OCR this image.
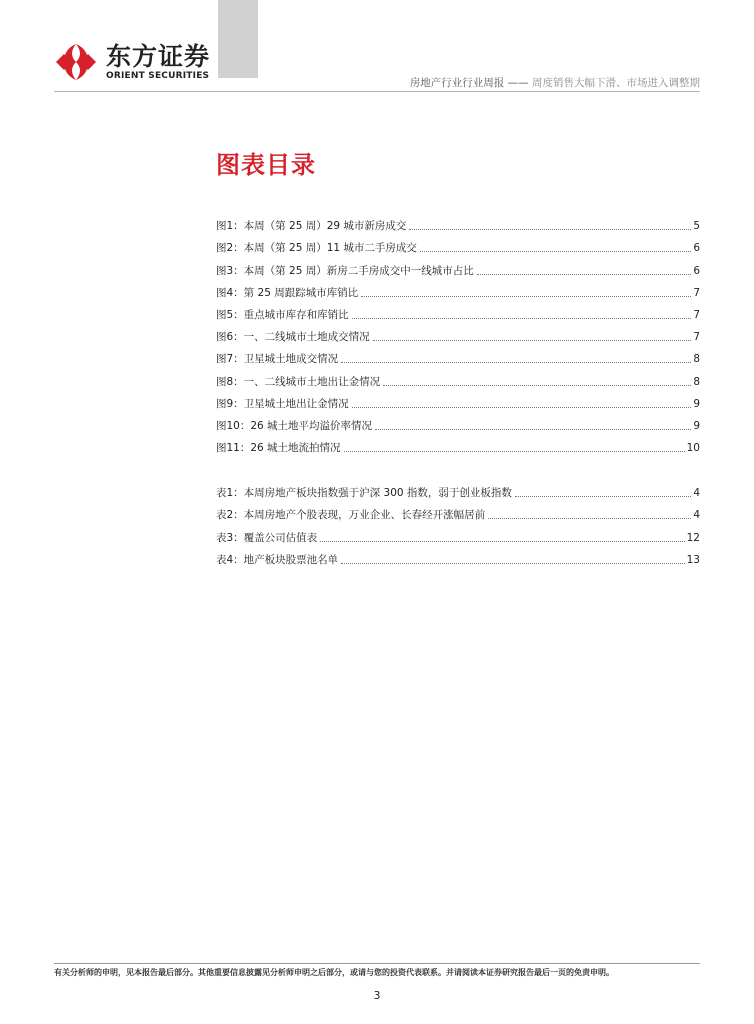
东方证券
ORIENT SECURITIES
房地产行业行业周报 —— 周度销售大幅下滑、市场进入调整期
图表目录
图1：本周（第 25 周）29 城市新房成交	5
图2：本周（第 25 周）11 城市二手房成交	6
图3：本周（第 25 周）新房二手房成交中一线城市占比	6
图4：第 25 周跟踪城市库销比	7
图5：重点城市库存和库销比	7
图6：一、二线城市土地成交情况	7
图7：卫星城土地成交情况	8
图8：一、二线城市土地出让金情况	8
图9：卫星城土地出让金情况	9
图10：26 城土地平均溢价率情况	9
图11：26 城土地流拍情况	10
表1：本周房地产板块指数强于沪深 300 指数，弱于创业板指数	4
表2：本周房地产个股表现，万业企业、长春经开涨幅居前	4
表3：覆盖公司估值表	12
表4：地产板块股票池名单	13
有关分析师的申明，见本报告最后部分。其他重要信息披露见分析师申明之后部分，或请与您的投资代表联系。并请阅读本证券研究报告最后一页的免责申明。
3
